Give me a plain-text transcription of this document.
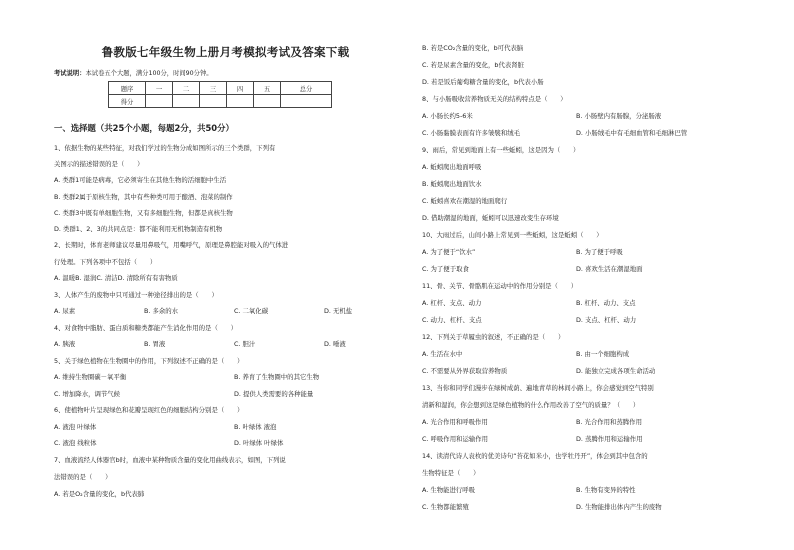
鲁教版七年级生物上册月考模拟考试及答案下载
考试说明：本试卷五个大题，满分100分，时间90分钟。
题序	一	二	三	四	五	总分
得分						
一、选择题（共25个小题，每题2分，共50分）
1、依据生物的某些特征，对我们学过的生物分成如图所示的三个类群，下列有
关图示的描述错误的是（　　）
A. 类群1可能是病毒，它必须寄生在其他生物的活细胞中生活
B. 类群2属于原核生物，其中有些种类可用于酿酒、泡菜的制作
C. 类群3中既有单细胞生物，又有多细胞生物，但都是真核生物
D. 类群1、2、3的共同点是：都不能利用无机物制造有机物
2、长期时，体育老师建议尽量用鼻吸气，用嘴呼气，原理是鼻腔能对吸入的气体进
行处理。下列各项中不包括（　　）
A. 温暖B. 湿润C. 清洁D. 清除所有有害物质
3、人体产生的废物中只可通过一种途径排出的是（　　）
A. 尿素	B. 多余的水	C. 二氧化碳	D. 无机盐
4、对食物中脂肪、蛋白质和糖类都能产生消化作用的是（　　）
A. 胰液	B. 胃液	C. 胆汁	D. 唾液
5、关于绿色植物在生物圈中的作用，下列叙述不正确的是（　　）
A. 维持生物圈碳－氧平衡	B. 养育了生物圈中的其它生物
C. 增加降水，调节气候	D. 提供人类需要的各种能量
6、使植物叶片呈现绿色和花瓣呈现红色的细胞结构分别是（　　）
A. 液泡 叶绿体	B. 叶绿体 液泡
C. 液泡 线粒体	D. 叶绿体 叶绿体
7、血液流经人体器官b时，血液中某种物质含量的变化用曲线表示，如图，下列说
法错误的是（　　）
A. 若是O₂含量的变化，b代表肺
B. 若是CO₂含量的变化，b可代表脑
C. 若是尿素含量的变化，b代表肾脏
D. 若是饭后葡萄糖含量的变化，b代表小肠
8、与小肠吸收营养物质无关的结构特点是（　　）
A. 小肠长约5-6米	B. 小肠壁内有肠腺，分泌肠液
C. 小肠黏膜表面有许多皱襞和绒毛	D. 小肠绒毛中有毛细血管和毛细淋巴管
9、雨后，常见到地面上有一些蚯蚓，这是因为（　　）
A. 蚯蚓爬出地面呼吸
B. 蚯蚓爬出地面饮水
C. 蚯蚓喜欢在潮湿的地面爬行
D. 借助潮湿的地面，蚯蚓可以迅速改变生存环境
10、大雨过后，山间小路上常见到一些蚯蚓，这是蚯蚓（　　）
A. 为了便于“饮水”	B. 为了便于呼吸
C. 为了便于取食	D. 喜欢生活在潮湿地面
11、骨、关节、骨骼肌在运动中的作用分别是（　　）
A. 杠杆、支点、动力	B. 杠杆、动力、支点
C. 动力、杠杆、支点	D. 支点、杠杆、动力
12、下列关于草履虫的叙述，不正确的是（　　）
A. 生活在水中	B. 由一个细胞构成
C. 不需要从外界获取营养物质	D. 能独立完成各项生命活动
13、当你和同学们漫步在绿树成荫、遍地青草的林间小路上，你会感觉到空气特别
清新和湿润，你会想到这是绿色植物的什么作用改善了空气的质量？（　　）
A. 光合作用和呼吸作用	B. 光合作用和蒸腾作用
C. 呼吸作用和运输作用	D. 蒸腾作用和运输作用
14、读清代诗人袁枚的优美诗句“苔花如米小，也学牡丹开”，体会到其中包含的
生物特征是（　　）
A. 生物能进行呼吸	B. 生物有变异的特性
C. 生物都能繁殖	D. 生物能排出体内产生的废物
